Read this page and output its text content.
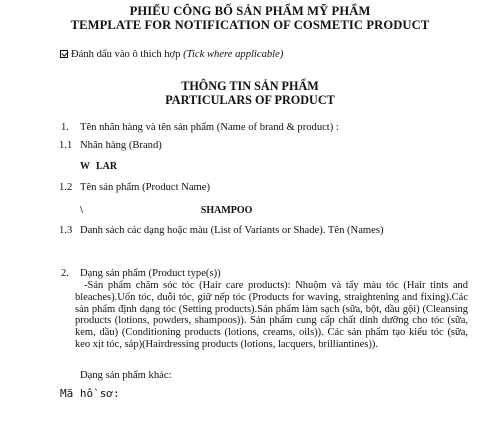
PHIẾU CÔNG BỐ SẢN PHẨM MỸ PHẨM
TEMPLATE FOR NOTIFICATION OF COSMETIC PRODUCT
Đánh dấu vào ô thích hợp (Tick where applicable)
THÔNG TIN SẢN PHẨM
PARTICULARS OF PRODUCT
1. Tên nhãn hàng và tên sản phẩm (Name of brand & product) :
1.1 Nhãn hàng (Brand)
W LAR
1.2 Tên sản phẩm (Product Name)
\	SHAMPOO
1.3 Danh sách các dạng hoặc màu (List of Variants or Shade). Tên (Names)
2. Dạng sản phẩm (Product type(s))
-Sản phẩm chăm sóc tóc (Hair care products): Nhuộm và tẩy màu tóc (Hair tints and bleaches).Uốn tóc, duỗi tóc, giữ nếp tóc (Products for waving, straightening and fixing).Các sản phẩm định dạng tóc (Setting products).Sản phẩm làm sạch (sữa, bột, dầu gội) (Cleansing products (lotions, powders, shampoos)). Sản phẩm cung cấp chất dinh dưỡng cho tóc (sữa, kem, dầu) (Conditioning products (lotions, creams, oils)). Các sản phẩm tạo kiểu tóc (sữa, keo xịt tóc, sáp)(Hairdressing products (lotions, lacquers, brilliantines)).
Dạng sản phẩm khác:
Mã hồ sơ:
